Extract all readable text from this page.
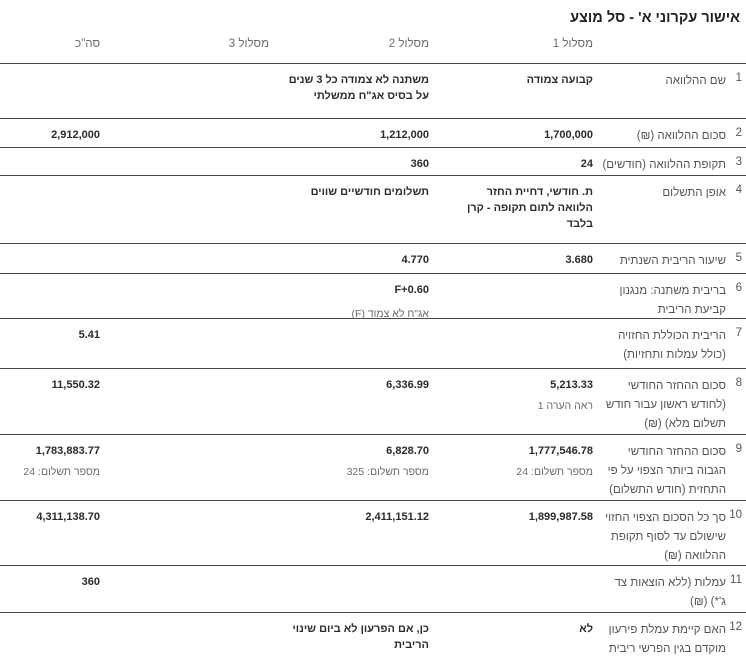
אישור עקרוני א' - סל מוצע
מסלול 1
מסלול 2
מסלול 3
סה"כ
1
שם ההלוואה
קבועה צמודה
משתנה לא צמודה כל 3 שנים על בסיס אג"ח ממשלתי
2
סכום ההלוואה (₪)
1,700,000
1,212,000
2,912,000
3
תקופת ההלוואה (חודשים)
24
360
4
אופן התשלום
ת. חודשי, דחיית החזר הלוואה לתום תקופה - קרן בלבד
תשלומים חודשיים שווים
5
שיעור הריבית השנתית
3.680
4.770
6
בריבית משתנה: מנגנון קביעת הריבית
F+0.60
אג"ח לא צמוד (F)
7
הריבית הכוללת החזויה (כולל עמלות ותחזיות)
5.41
8
סכום ההחזר החודשי (לחודש ראשון עבור חודש תשלום מלא) (₪)
5,213.33
ראה הערה 1
6,336.99
11,550.32
9
סכום ההחזר החודשי הגבוה ביותר הצפוי על פי התחזית (חודש התשלום)
1,777,546.78
מספר תשלום: 24
6,828.70
מספר תשלום: 325
1,783,883.77
מספר תשלום: 24
10
סך כל הסכום הצפוי החזוי שישולם עד לסוף תקופת ההלוואה (₪)
1,899,987.58
2,411,151.12
4,311,138.70
11
עמלות (ללא הוצאות צד ג'*) (₪)
360
12
האם קיימת עמלת פירעון מוקדם בגין הפרשי ריבית
לא
כן, אם הפרעון לא ביום שינוי הריבית
